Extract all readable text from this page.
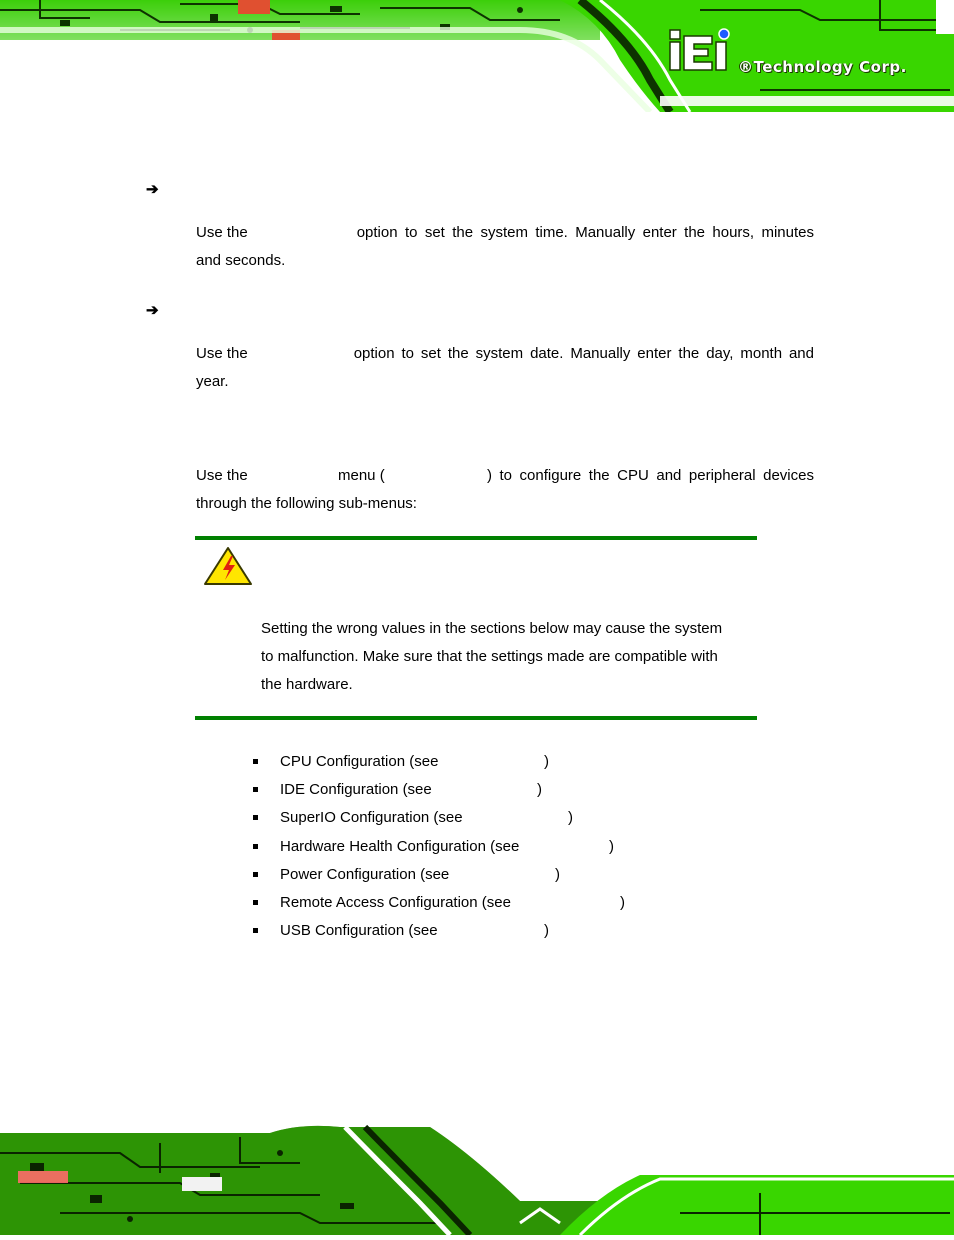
®Technology Corp.
➔
Use the	option to set the system time. Manually enter the hours, minutes
and seconds.
➔
Use the	option to set the system date. Manually enter the day, month and
year.
Use the	menu (	) to configure the CPU and peripheral devices
through the following sub-menus:
Setting the wrong values in the sections below may cause the system
to malfunction. Make sure that the settings made are compatible with
the hardware.
CPU Configuration (see	)
IDE Configuration (see	)
SuperIO Configuration (see	)
Hardware Health Configuration (see	)
Power Configuration (see	)
Remote Access Configuration (see	)
USB Configuration (see	)
